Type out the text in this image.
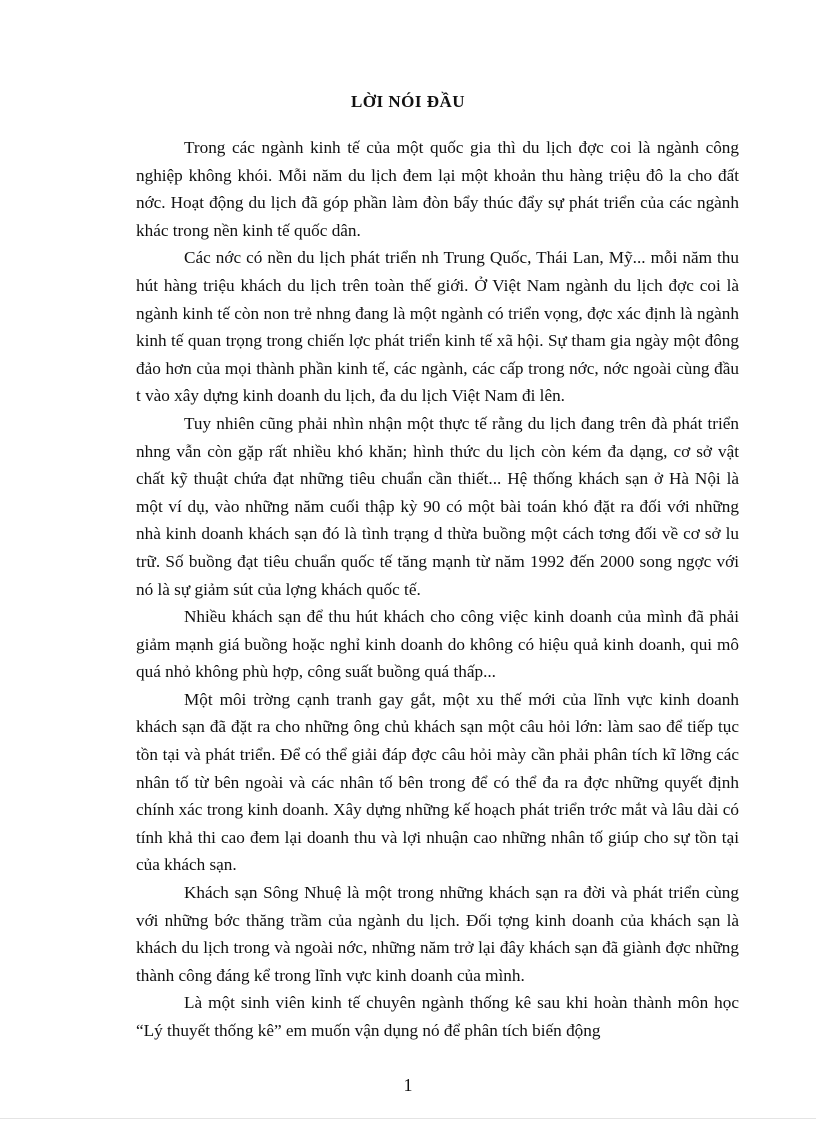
LỜI NÓI ĐẦU

Trong các ngành kinh tế của một quốc gia thì du lịch đợc coi là ngành công nghiệp không khói. Mỗi năm du lịch đem lại một khoản thu hàng triệu đô la cho đất nớc. Hoạt động du lịch đã góp phần làm đòn bẩy thúc đẩy sự phát triển của các ngành khác trong nền kinh tế quốc dân.

Các nớc có nền du lịch phát triển nh Trung Quốc, Thái Lan, Mỹ... mỗi năm thu hút hàng triệu khách du lịch trên toàn thế giới. Ở Việt Nam ngành du lịch đợc coi là ngành kinh tế còn non trẻ nhng đang là một ngành có triển vọng, đợc xác định là ngành kinh tế quan trọng trong chiến lợc phát triển kinh tế xã hội. Sự tham gia ngày một đông đảo hơn của mọi thành phần kinh tế, các ngành, các cấp trong nớc, nớc ngoài cùng đầu t vào xây dựng kinh doanh du lịch, đa du lịch Việt Nam đi lên.

Tuy nhiên cũng phải nhìn nhận một thực tế rằng du lịch đang trên đà phát triển nhng vẫn còn gặp rất nhiều khó khăn; hình thức du lịch còn kém đa dạng, cơ sở vật chất kỹ thuật chứa đạt những tiêu chuẩn cần thiết... Hệ thống khách sạn ở Hà Nội là một ví dụ, vào những năm cuối thập kỳ 90 có một bài toán khó đặt ra đối với những nhà kinh doanh khách sạn đó là tình trạng d thừa buồng một cách tơng đối về cơ sở lu trữ. Số buồng đạt tiêu chuẩn quốc tế tăng mạnh từ năm 1992 đến 2000 song ngợc với nó là sự giảm sút của lợng khách quốc tế.

Nhiều khách sạn để thu hút khách cho công việc kinh doanh của mình đã phải giảm mạnh giá buồng hoặc nghỉ kinh doanh do không có hiệu quả kinh doanh, qui mô quá nhỏ không phù hợp, công suất buồng quá thấp...

Một môi trờng cạnh tranh gay gắt, một xu thế mới của lĩnh vực kinh doanh khách sạn đã đặt ra cho những ông chủ khách sạn một câu hỏi lớn: làm sao để tiếp tục tồn tại và phát triển. Để có thể giải đáp đợc câu hỏi mày cần phải phân tích kĩ lỡng các nhân tố từ bên ngoài và các nhân tố bên trong để có thể đa ra đợc những quyết định chính xác trong kinh doanh. Xây dựng những kế hoạch phát triển trớc mắt và lâu dài có tính khả thi cao đem lại doanh thu và lợi nhuận cao những nhân tố giúp cho sự tồn tại của khách sạn.

Khách sạn Sông Nhuệ là một trong những khách sạn ra đời và phát triển cùng với những bớc thăng trầm của ngành du lịch. Đối tợng kinh doanh của khách sạn là khách du lịch trong và ngoài nớc, những năm trở lại đây khách sạn đã giành đợc những thành công đáng kể trong lĩnh vực kinh doanh của mình.

Là một sinh viên kinh tế chuyên ngành thống kê sau khi hoàn thành môn học “Lý thuyết thống kê” em muốn vận dụng nó để phân tích biến động

1
